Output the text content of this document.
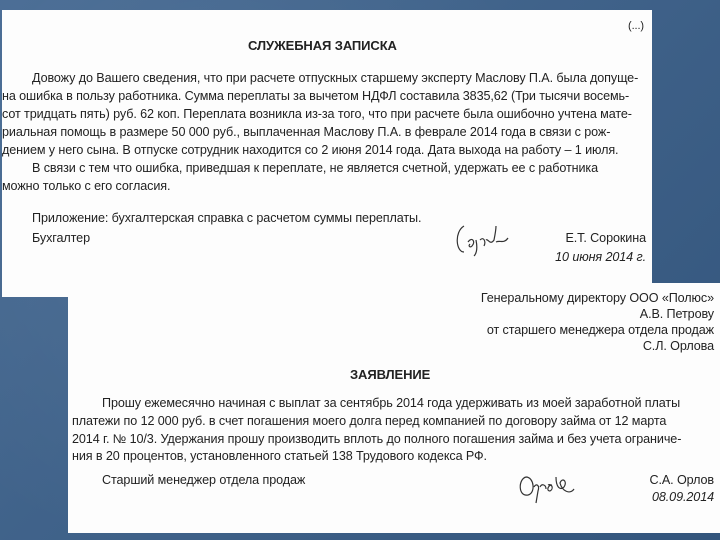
(...)
СЛУЖЕБНАЯ ЗАПИСКА
Довожу до Вашего сведения, что при расчете отпускных старшему эксперту Маслову П.А. была допуще-
на ошибка в пользу работника. Сумма переплаты за вычетом НДФЛ составила 3835,62 (Три тысячи восемь-
сот тридцать пять) руб. 62 коп. Переплата возникла из-за того, что при расчете была ошибочно учтена мате-
риальная помощь в размере 50 000 руб., выплаченная Маслову П.А. в феврале 2014 года в связи с рож-
дением у него сына. В отпуске сотрудник находится со 2 июня 2014 года. Дата выхода на работу – 1 июля.
В связи с тем что ошибка, приведшая к переплате, не является счетной, удержать ее с работника
можно только с его согласия.
Приложение: бухгалтерская справка с расчетом суммы переплаты.
Бухгалтер	Е.Т. Сорокина
10 июня 2014 г.
Генеральному директору ООО «Полюс»
А.В. Петрову
от старшего менеджера отдела продаж
С.Л. Орлова
ЗАЯВЛЕНИЕ
Прошу ежемесячно начиная с выплат за сентябрь 2014 года удерживать из моей заработной платы
платежи по 12 000 руб. в счет погашения моего долга перед компанией по договору займа от 12 марта
2014 г. № 10/3. Удержания прошу производить вплоть до полного погашения займа и без учета ограниче-
ния в 20 процентов, установленного статьей 138 Трудового кодекса РФ.
Старший менеджер отдела продаж	С.А. Орлов
08.09.2014
